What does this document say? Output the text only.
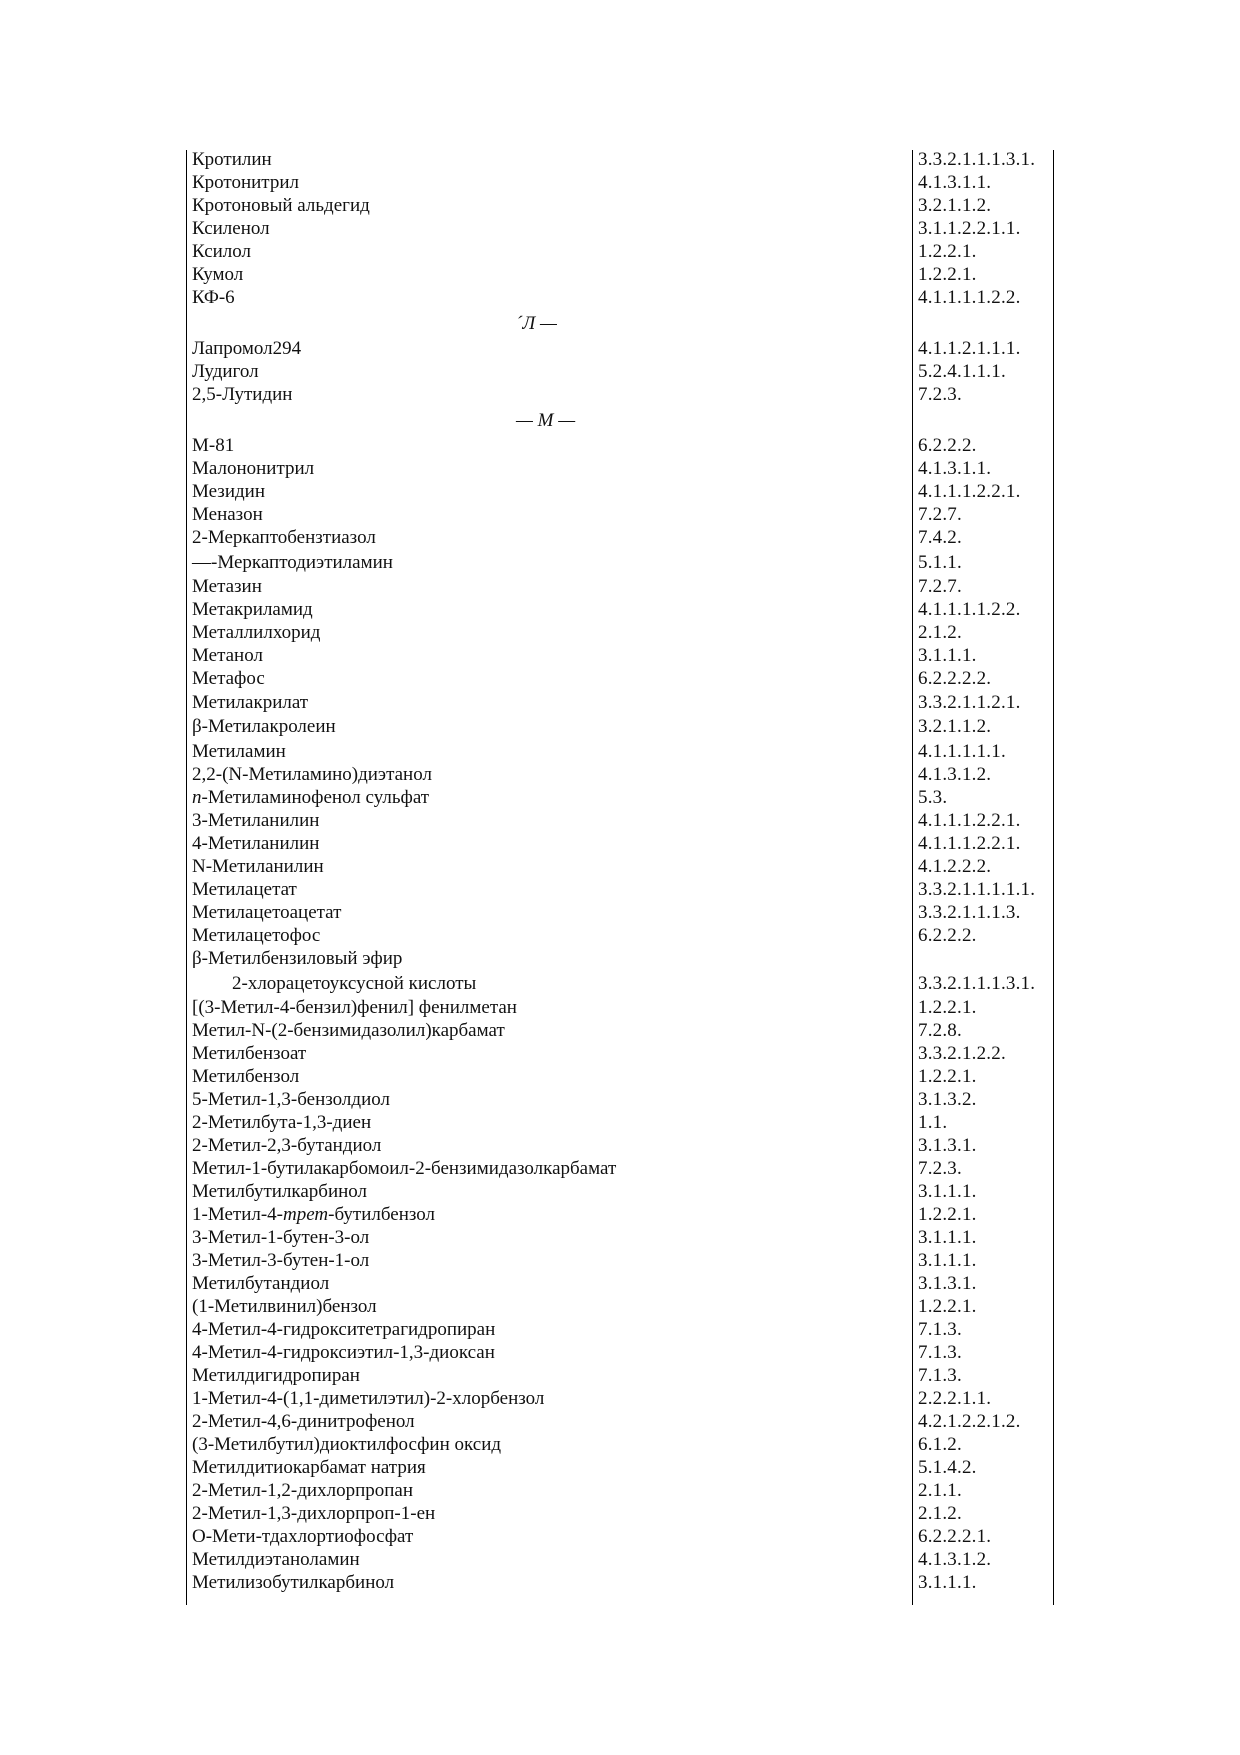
Кротилин	3.3.2.1.1.1.3.1.
Кротонитрил	4.1.3.1.1.
Кротоновый альдегид	3.2.1.1.2.
Ксиленол	3.1.1.2.2.1.1.
Ксилол	1.2.2.1.
Кумол	1.2.2.1.
КФ-6	4.1.1.1.1.2.2.
´Л —
Лапромол294	4.1.1.2.1.1.1.
Лудигол	5.2.4.1.1.1.
2,5-Лутидин	7.2.3.
— М —
М-81	6.2.2.2.
Малононитрил	4.1.3.1.1.
Мезидин	4.1.1.1.2.2.1.
Меназон	7.2.7.
2-Меркаптобензтиазол	7.4.2.
—-Меркаптодиэтиламин	5.1.1.
Метазин	7.2.7.
Метакриламид	4.1.1.1.1.2.2.
Металлилхорид	2.1.2.
Метанол	3.1.1.1.
Метафос	6.2.2.2.2.
Метилакрилат	3.3.2.1.1.2.1.
β-Метилакролеин	3.2.1.1.2.
Метиламин	4.1.1.1.1.1.
2,2-(N-Метиламино)диэтанол	4.1.3.1.2.
n-Метиламинофенол сульфат	5.3.
3-Метиланилин	4.1.1.1.2.2.1.
4-Метиланилин	4.1.1.1.2.2.1.
N-Метиланилин	4.1.2.2.2.
Метилацетат	3.3.2.1.1.1.1.1.
Метилацетоацетат	3.3.2.1.1.1.3.
Метилацетофос	6.2.2.2.
β-Метилбензиловый эфир
2-хлорацетоуксусной кислоты	3.3.2.1.1.1.3.1.
[(3-Метил-4-бензил)фенил] фенилметан	1.2.2.1.
Метил-N-(2-бензимидазолил)карбамат	7.2.8.
Метилбензоат	3.3.2.1.2.2.
Метилбензол	1.2.2.1.
5-Метил-1,3-бензолдиол	3.1.3.2.
2-Метилбута-1,3-диен	1.1.
2-Метил-2,3-бутандиол	3.1.3.1.
Метил-1-бутилакарбомоил-2-бензимидазолкарбамат	7.2.3.
Метилбутилкарбинол	3.1.1.1.
1-Метил-4-трет-бутилбензол	1.2.2.1.
3-Метил-1-бутен-3-ол	3.1.1.1.
3-Метил-3-бутен-1-ол	3.1.1.1.
Метилбутандиол	3.1.3.1.
(1-Метилвинил)бензол	1.2.2.1.
4-Метил-4-гидрокситетрагидропиран	7.1.3.
4-Метил-4-гидроксиэтил-1,3-диоксан	7.1.3.
Метилдигидропиран	7.1.3.
1-Метил-4-(1,1-диметилэтил)-2-хлорбензол	2.2.2.1.1.
2-Метил-4,6-динитрофенол	4.2.1.2.2.1.2.
(3-Метилбутил)диоктилфосфин оксид	6.1.2.
Метилдитиокарбамат натрия	5.1.4.2.
2-Метил-1,2-дихлорпропан	2.1.1.
2-Метил-1,3-дихлорпроп-1-ен	2.1.2.
О-Мети-тдахлортиофосфат	6.2.2.2.1.
Метилдиэтаноламин	4.1.3.1.2.
Метилизобутилкарбинол	3.1.1.1.
